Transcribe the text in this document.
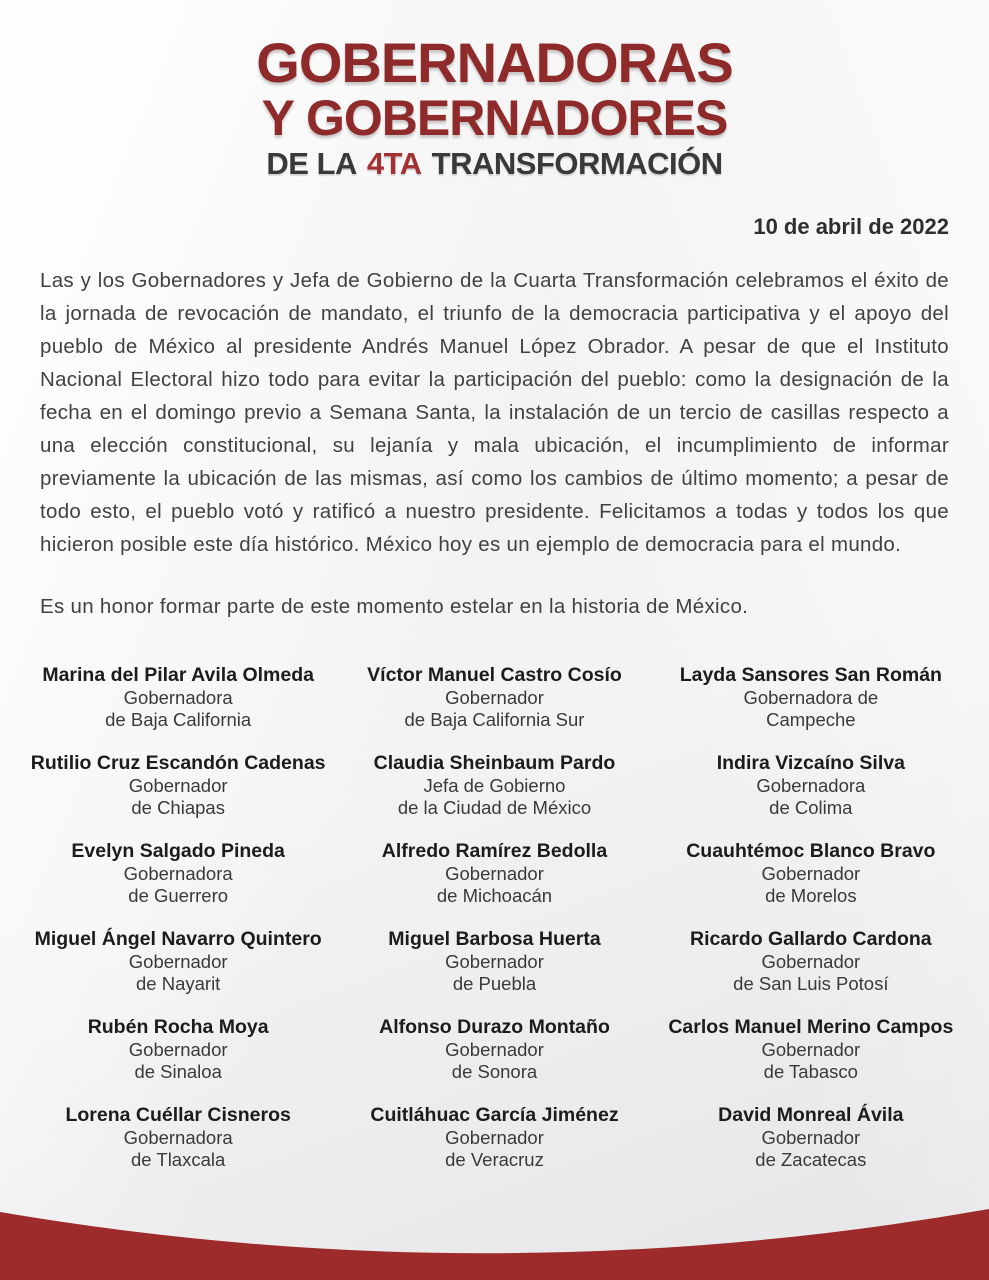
GOBERNADORAS
Y GOBERNADORES
DE LA 4TA TRANSFORMACIÓN
10 de abril de 2022

Las y los Gobernadores y Jefa de Gobierno de la Cuarta Transformación celebramos el éxito de la jornada de revocación de mandato, el triunfo de la democracia participativa y el apoyo del pueblo de México al presidente Andrés Manuel López Obrador. A pesar de que el Instituto Nacional Electoral hizo todo para evitar la participación del pueblo: como la designación de la fecha en el domingo previo a Semana Santa, la instalación de un tercio de casillas respecto a una elección constitucional, su lejanía y mala ubicación, el incumplimiento de informar previamente la ubicación de las mismas, así como los cambios de último momento; a pesar de todo esto, el pueblo votó y ratificó a nuestro presidente. Felicitamos a todas y todos los que hicieron posible este día histórico. México hoy es un ejemplo de democracia para el mundo.

Es un honor formar parte de este momento estelar en la historia de México.

Marina del Pilar Avila Olmeda
Gobernadora
de Baja California
Víctor Manuel Castro Cosío
Gobernador
de Baja California Sur
Layda Sansores San Román
Gobernadora de
Campeche
Rutilio Cruz Escandón Cadenas
Gobernador
de Chiapas
Claudia Sheinbaum Pardo
Jefa de Gobierno
de la Ciudad de México
Indira Vizcaíno Silva
Gobernadora
de Colima
Evelyn Salgado Pineda
Gobernadora
de Guerrero
Alfredo Ramírez Bedolla
Gobernador
de Michoacán
Cuauhtémoc Blanco Bravo
Gobernador
de Morelos
Miguel Ángel Navarro Quintero
Gobernador
de Nayarit
Miguel Barbosa Huerta
Gobernador
de Puebla
Ricardo Gallardo Cardona
Gobernador
de San Luis Potosí
Rubén Rocha Moya
Gobernador
de Sinaloa
Alfonso Durazo Montaño
Gobernador
de Sonora
Carlos Manuel Merino Campos
Gobernador
de Tabasco
Lorena Cuéllar Cisneros
Gobernadora
de Tlaxcala
Cuitláhuac García Jiménez
Gobernador
de Veracruz
David Monreal Ávila
Gobernador
de Zacatecas
